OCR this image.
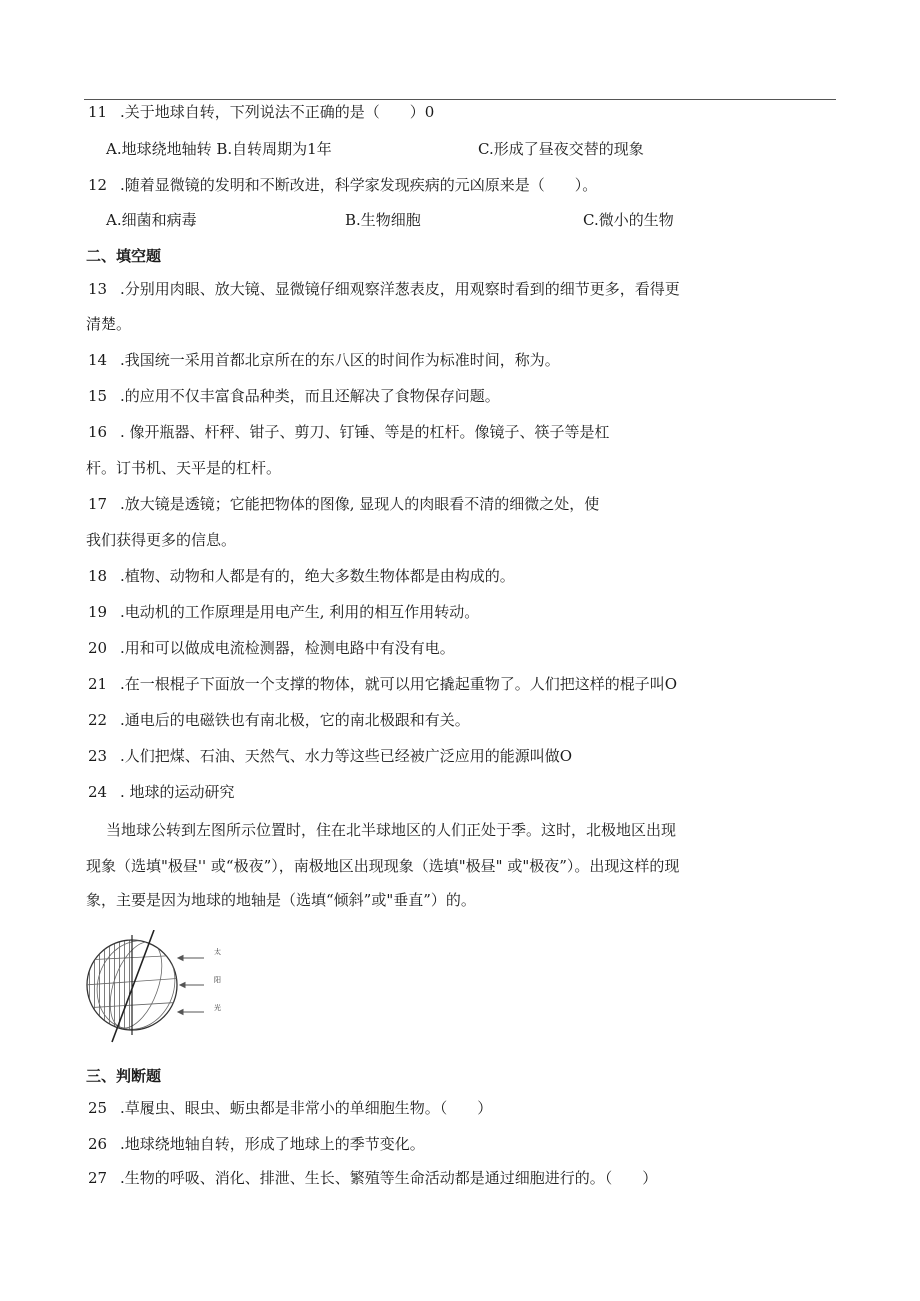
11 .关于地球自转，下列说法不正确的是（　　）0
A.地球绕地轴转 B.自转周期为1年	C.形成了昼夜交替的现象
12 .随着显微镜的发明和不断改进，科学家发现疾病的元凶原来是（　　）。
A.细菌和病毒	B.生物细胞	C.微小的生物
二、填空题
13 .分别用肉眼、放大镜、显微镜仔细观察洋葱表皮，用观察时看到的细节更多，看得更
清楚。
14 .我国统一采用首都北京所在的东八区的时间作为标准时间，称为。
15 .的应用不仅丰富食品种类，而且还解决了食物保存问题。
16 . 像开瓶器、杆秤、钳子、剪刀、钉锤、等是的杠杆。像镜子、筷子等是杠
杆。订书机、天平是的杠杆。
17 .放大镜是透镜；它能把物体的图像, 显现人的肉眼看不清的细微之处，使
我们获得更多的信息。
18 .植物、动物和人都是有的，绝大多数生物体都是由构成的。
19 .电动机的工作原理是用电产生, 利用的相互作用转动。
20 .用和可以做成电流检测器，检测电路中有没有电。
21 .在一根棍子下面放一个支撑的物体，就可以用它撬起重物了。人们把这样的棍子叫O
22 .通电后的电磁铁也有南北极，它的南北极跟和有关。
23 .人们把煤、石油、天然气、水力等这些已经被广泛应用的能源叫做O
24 . 地球的运动研究
当地球公转到左图所示位置时，住在北半球地区的人们正处于季。这时，北极地区出现
现象（选填"极昼'' 或“极夜”），南极地区出现现象（选填"极昼" 或"极夜”）。出现这样的现
象，主要是因为地球的地轴是（选填“倾斜”或"垂直”）的。
太
阳
光
三、判断题
25 .草履虫、眼虫、蛎虫都是非常小的单细胞生物。（　　）
26 .地球绕地轴自转，形成了地球上的季节变化。
27 .生物的呼吸、消化、排泄、生长、繁殖等生命活动都是通过细胞进行的。（　　）
